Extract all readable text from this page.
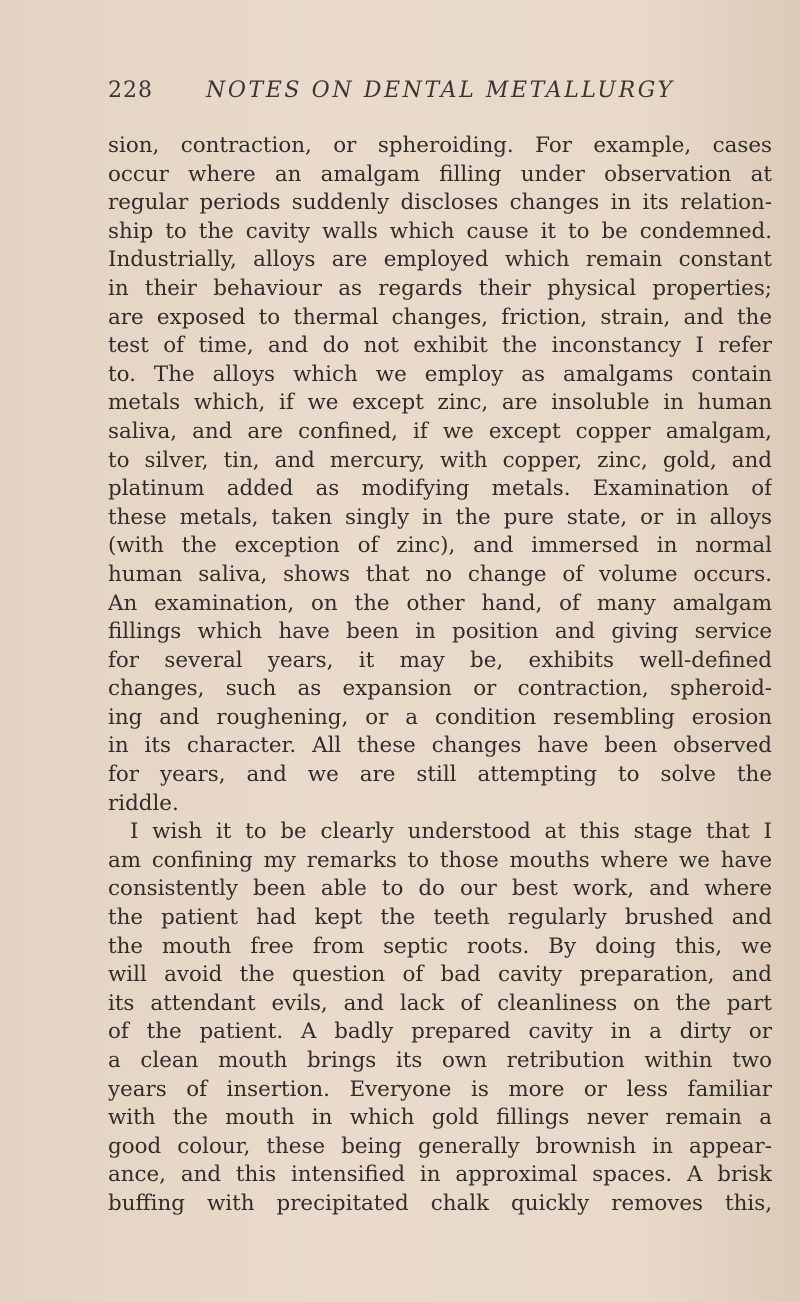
228 NOTES ON DENTAL METALLURGY
sion, contraction, or spheroiding. For example, cases
occur where an amalgam filling under observation at
regular periods suddenly discloses changes in its relation-
ship to the cavity walls which cause it to be condemned.
Industrially, alloys are employed which remain constant
in their behaviour as regards their physical properties;
are exposed to thermal changes, friction, strain, and the
test of time, and do not exhibit the inconstancy I refer
to. The alloys which we employ as amalgams contain
metals which, if we except zinc, are insoluble in human
saliva, and are confined, if we except copper amalgam,
to silver, tin, and mercury, with copper, zinc, gold, and
platinum added as modifying metals. Examination of
these metals, taken singly in the pure state, or in alloys
(with the exception of zinc), and immersed in normal
human saliva, shows that no change of volume occurs.
An examination, on the other hand, of many amalgam
fillings which have been in position and giving service
for several years, it may be, exhibits well-defined
changes, such as expansion or contraction, spheroid-
ing and roughening, or a condition resembling erosion
in its character. All these changes have been observed
for years, and we are still attempting to solve the
riddle.
I wish it to be clearly understood at this stage that I
am confining my remarks to those mouths where we have
consistently been able to do our best work, and where
the patient had kept the teeth regularly brushed and
the mouth free from septic roots. By doing this, we
will avoid the question of bad cavity preparation, and
its attendant evils, and lack of cleanliness on the part
of the patient. A badly prepared cavity in a dirty or
a clean mouth brings its own retribution within two
years of insertion. Everyone is more or less familiar
with the mouth in which gold fillings never remain a
good colour, these being generally brownish in appear-
ance, and this intensified in approximal spaces. A brisk
buffing with precipitated chalk quickly removes this,
